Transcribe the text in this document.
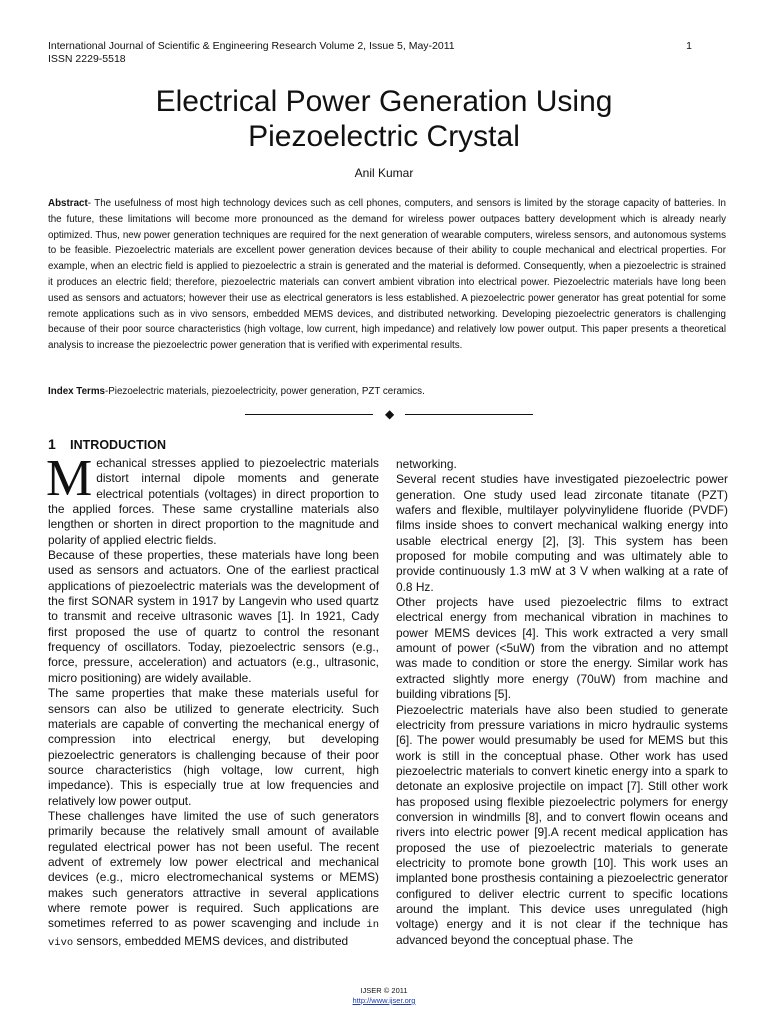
International Journal of Scientific & Engineering Research Volume 2, Issue 5, May-2011	1
ISSN 2229-5518
Electrical Power Generation Using
Piezoelectric Crystal
Anil Kumar
Abstract- The usefulness of most high technology devices such as cell phones, computers, and sensors is limited by the storage capacity of batteries. In the future, these limitations will become more pronounced as the demand for wireless power outpaces battery development which is already nearly optimized. Thus, new power generation techniques are required for the next generation of wearable computers, wireless sensors, and autonomous systems to be feasible. Piezoelectric materials are excellent power generation devices because of their ability to couple mechanical and electrical properties. For example, when an electric field is applied to piezoelectric a strain is generated and the material is deformed. Consequently, when a piezoelectric is strained it produces an electric field; therefore, piezoelectric materials can convert ambient vibration into electrical power. Piezoelectric materials have long been used as sensors and actuators; however their use as electrical generators is less established. A piezoelectric power generator has great potential for some remote applications such as in vivo sensors, embedded MEMS devices, and distributed networking. Developing piezoelectric generators is challenging because of their poor source characteristics (high voltage, low current, high impedance) and relatively low power output. This paper presents a theoretical analysis to increase the piezoelectric power generation that is verified with experimental results.
Index Terms-Piezoelectric materials, piezoelectricity, power generation, PZT ceramics.
◆
1 INTRODUCTION

Mechanical stresses applied to piezoelectric materials distort internal dipole moments and generate electrical potentials (voltages) in direct proportion to the applied forces. These same crystalline materials also lengthen or shorten in direct proportion to the magnitude and polarity of applied electric fields.

Because of these properties, these materials have long been used as sensors and actuators. One of the earliest practical applications of piezoelectric materials was the development of the first SONAR system in 1917 by Langevin who used quartz to transmit and receive ultrasonic waves [1]. In 1921, Cady first proposed the use of quartz to control the resonant frequency of oscillators. Today, piezoelectric sensors (e.g., force, pressure, acceleration) and actuators (e.g., ultrasonic, micro positioning) are widely available.

The same properties that make these materials useful for sensors can also be utilized to generate electricity. Such materials are capable of converting the mechanical energy of compression into electrical energy, but developing piezoelectric generators is challenging because of their poor source characteristics (high voltage, low current, high impedance). This is especially true at low frequencies and relatively low power output.

These challenges have limited the use of such generators primarily because the relatively small amount of available regulated electrical power has not been useful. The recent advent of extremely low power electrical and mechanical devices (e.g., micro electromechanical systems or MEMS) makes such generators attractive in several applications where remote power is required. Such applications are sometimes referred to as power scavenging and include in vivo sensors, embedded MEMS devices, and distributed

networking.

Several recent studies have investigated piezoelectric power generation. One study used lead zirconate titanate (PZT) wafers and flexible, multilayer polyvinylidene fluoride (PVDF) films inside shoes to convert mechanical walking energy into usable electrical energy [2], [3]. This system has been proposed for mobile computing and was ultimately able to provide continuously 1.3 mW at 3 V when walking at a rate of 0.8 Hz.

Other projects have used piezoelectric films to extract electrical energy from mechanical vibration in machines to power MEMS devices [4]. This work extracted a very small amount of power (<5uW) from the vibration and no attempt was made to condition or store the energy. Similar work has extracted slightly more energy (70uW) from machine and building vibrations [5].

Piezoelectric materials have also been studied to generate electricity from pressure variations in micro hydraulic systems [6]. The power would presumably be used for MEMS but this work is still in the conceptual phase. Other work has used piezoelectric materials to convert kinetic energy into a spark to detonate an explosive projectile on impact [7]. Still other work has proposed using flexible piezoelectric polymers for energy conversion in windmills [8], and to convert flowin oceans and rivers into electric power [9].A recent medical application has proposed the use of piezoelectric materials to generate electricity to promote bone growth [10]. This work uses an implanted bone prosthesis containing a piezoelectric generator configured to deliver electric current to specific locations around the implant. This device uses unregulated (high voltage) energy and it is not clear if the technique has advanced beyond the conceptual phase. The

IJSER © 2011
http://www.ijser.org
